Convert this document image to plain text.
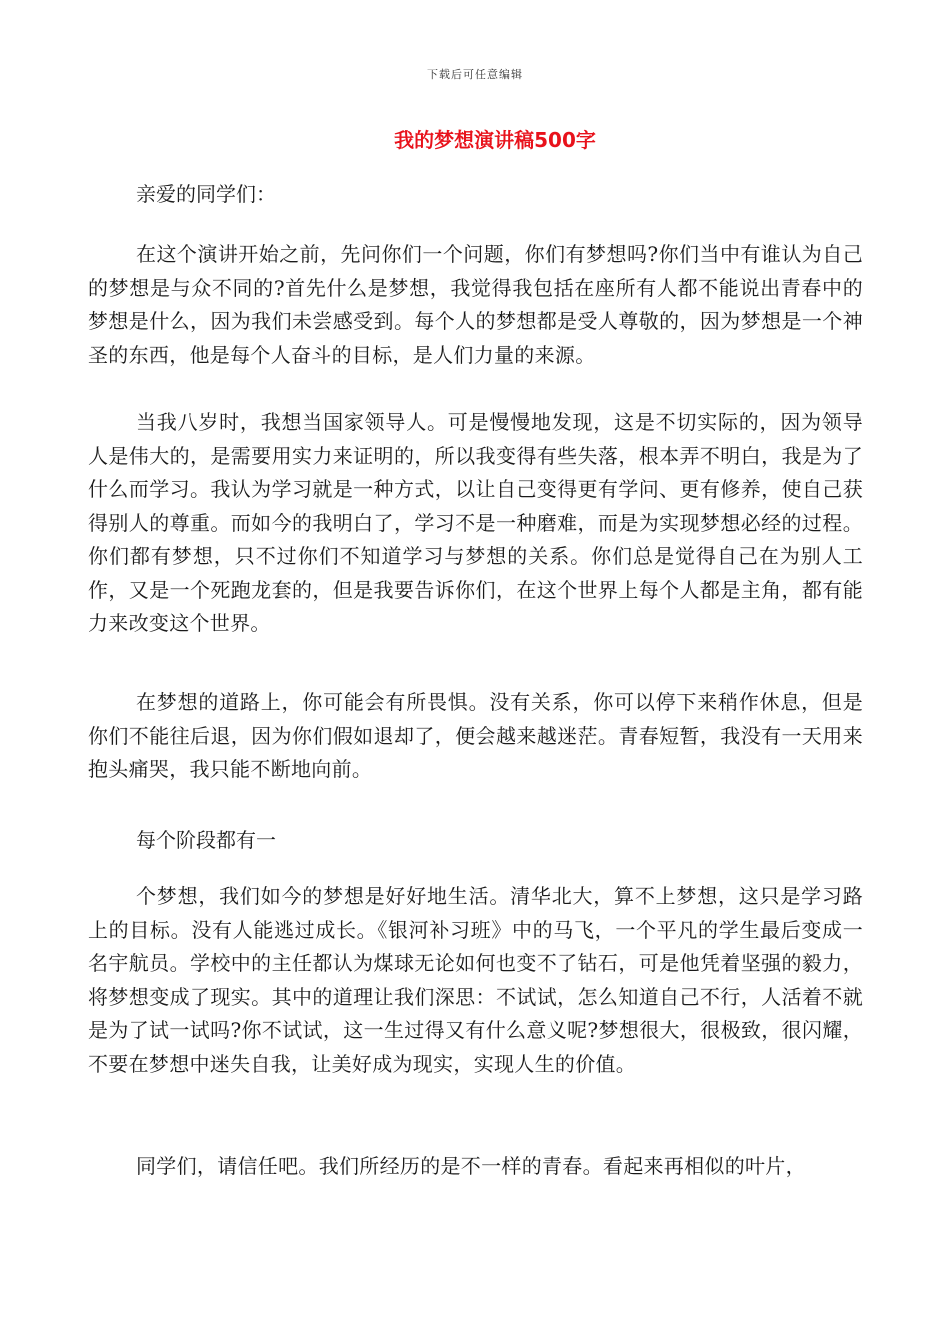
下载后可任意编辑
我的梦想演讲稿500字
亲爱的同学们：

在这个演讲开始之前，先问你们一个问题，你们有梦想吗?你们当中有谁认为自己的梦想是与众不同的?首先什么是梦想，我觉得我包括在座所有人都不能说出青春中的梦想是什么，因为我们未尝感受到。每个人的梦想都是受人尊敬的，因为梦想是一个神圣的东西，他是每个人奋斗的目标，是人们力量的来源。

当我八岁时，我想当国家领导人。可是慢慢地发现，这是不切实际的，因为领导人是伟大的，是需要用实力来证明的，所以我变得有些失落，根本弄不明白，我是为了什么而学习。我认为学习就是一种方式，以让自己变得更有学问、更有修养，使自己获得别人的尊重。而如今的我明白了，学习不是一种磨难，而是为实现梦想必经的过程。你们都有梦想，只不过你们不知道学习与梦想的关系。你们总是觉得自己在为别人工作，又是一个死跑龙套的，但是我要告诉你们，在这个世界上每个人都是主角，都有能力来改变这个世界。

在梦想的道路上，你可能会有所畏惧。没有关系，你可以停下来稍作休息，但是你们不能往后退，因为你们假如退却了，便会越来越迷茫。青春短暂，我没有一天用来抱头痛哭，我只能不断地向前。

每个阶段都有一

个梦想，我们如今的梦想是好好地生活。清华北大，算不上梦想，这只是学习路上的目标。没有人能逃过成长。《银河补习班》中的马飞，一个平凡的学生最后变成一名宇航员。学校中的主任都认为煤球无论如何也变不了钻石，可是他凭着坚强的毅力，将梦想变成了现实。其中的道理让我们深思：不试试，怎么知道自己不行，人活着不就是为了试一试吗?你不试试，这一生过得又有什么意义呢?梦想很大，很极致，很闪耀，不要在梦想中迷失自我，让美好成为现实，实现人生的价值。

同学们，请信任吧。我们所经历的是不一样的青春。看起来再相似的叶片，
